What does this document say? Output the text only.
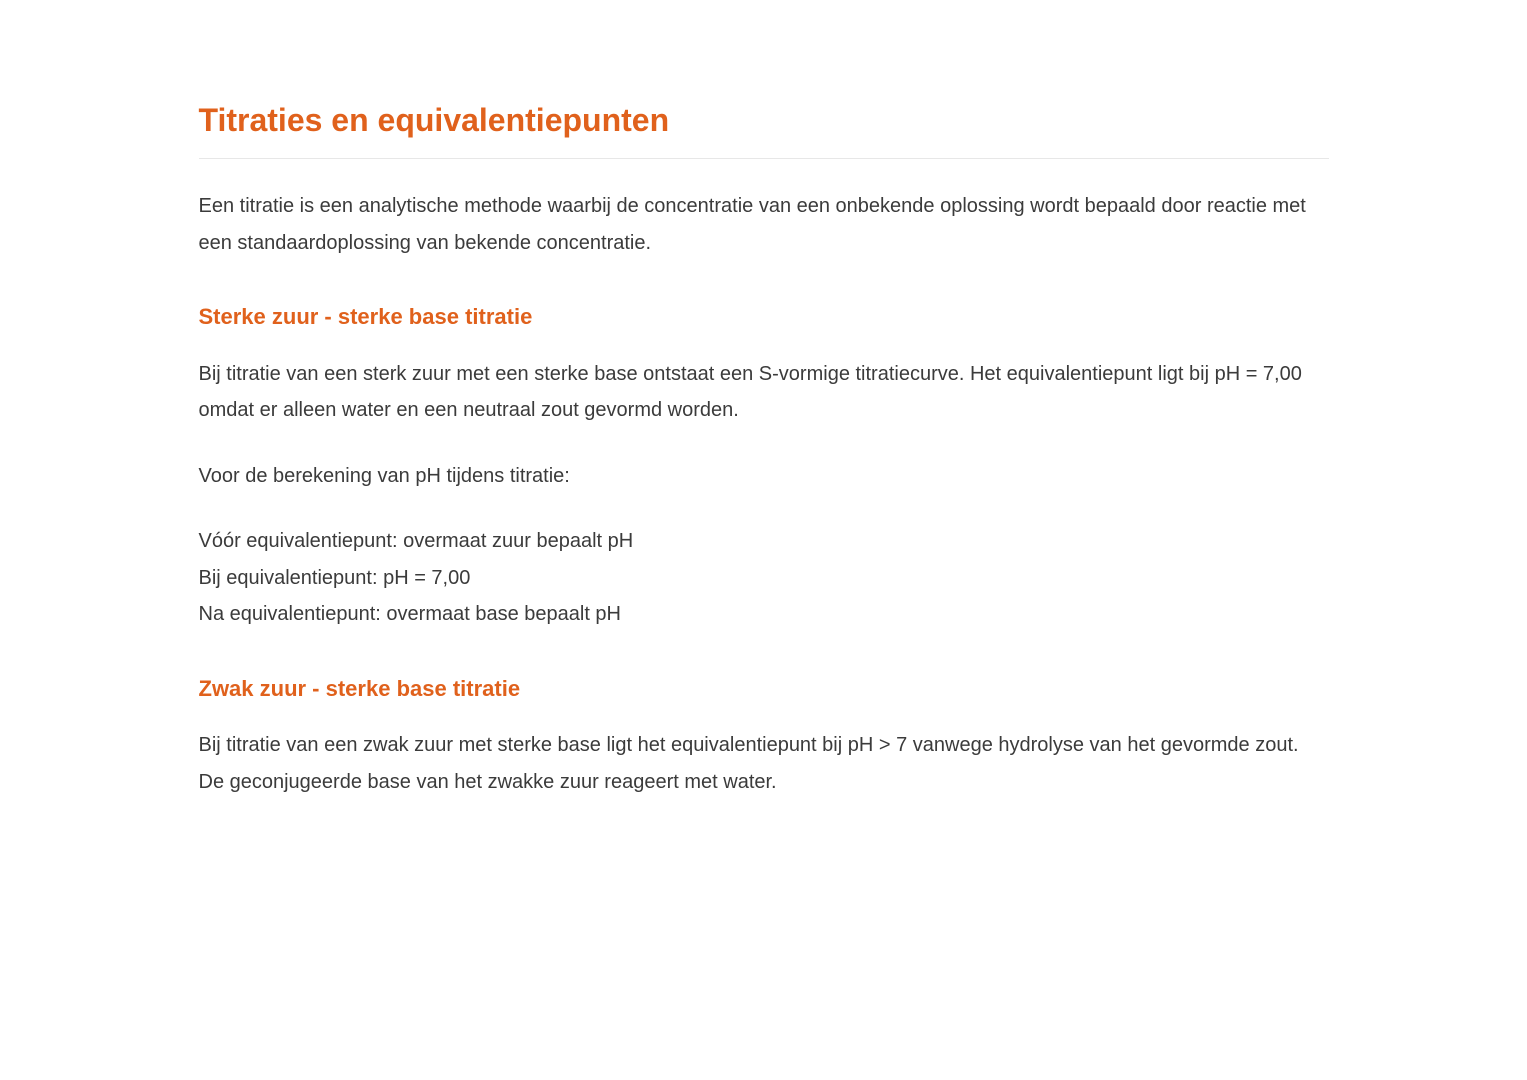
Titraties en equivalentiepunten

Een titratie is een analytische methode waarbij de concentratie van een onbekende oplossing wordt bepaald door reactie met een standaardoplossing van bekende concentratie.

Sterke zuur - sterke base titratie

Bij titratie van een sterk zuur met een sterke base ontstaat een S-vormige titratiecurve. Het equivalentiepunt ligt bij pH = 7,00 omdat er alleen water en een neutraal zout gevormd worden.

Voor de berekening van pH tijdens titratie:

Vóór equivalentiepunt: overmaat zuur bepaalt pH
Bij equivalentiepunt: pH = 7,00
Na equivalentiepunt: overmaat base bepaalt pH

Zwak zuur - sterke base titratie

Bij titratie van een zwak zuur met sterke base ligt het equivalentiepunt bij pH > 7 vanwege hydrolyse van het gevormde zout. De geconjugeerde base van het zwakke zuur reageert met water.
